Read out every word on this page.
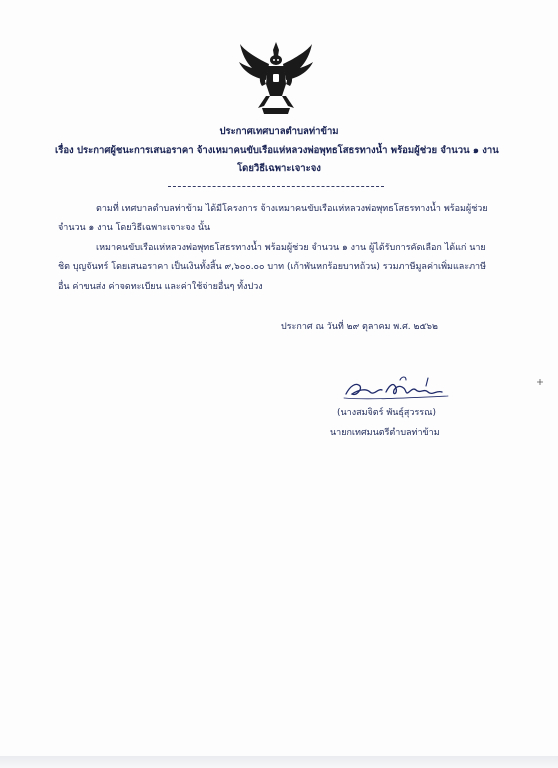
ประกาศเทศบาลตำบลท่าข้าม
เรื่อง ประกาศผู้ชนะการเสนอราคา จ้างเหมาคนขับเรือแห่หลวงพ่อพุทธโสธรทางน้ำ พร้อมผู้ช่วย จำนวน ๑ งาน
โดยวิธีเฉพาะเจาะจง
ตามที่ เทศบาลตำบลท่าข้าม ได้มีโครงการ จ้างเหมาคนขับเรือแห่หลวงพ่อพุทธโสธรทางน้ำ พร้อมผู้ช่วย
จำนวน ๑ งาน โดยวิธีเฉพาะเจาะจง นั้น
เหมาคนขับเรือแห่หลวงพ่อพุทธโสธรทางน้ำ พร้อมผู้ช่วย จำนวน ๑ งาน ผู้ได้รับการคัดเลือก ได้แก่ นาย
ชิต บุญจันทร์ โดยเสนอราคา เป็นเงินทั้งสิ้น ๙,๖๐๐.๐๐ บาท (เก้าพันหกร้อยบาทถ้วน) รวมภาษีมูลค่าเพิ่มและภาษี
อื่น ค่าขนส่ง ค่าจดทะเบียน และค่าใช้จ่ายอื่นๆ ทั้งปวง
ประกาศ ณ วันที่ ๒๙ ตุลาคม พ.ศ. ๒๕๖๒
(นางสมจิตร์ พันธุ์สุวรรณ)
นายกเทศมนตรีตำบลท่าข้าม
